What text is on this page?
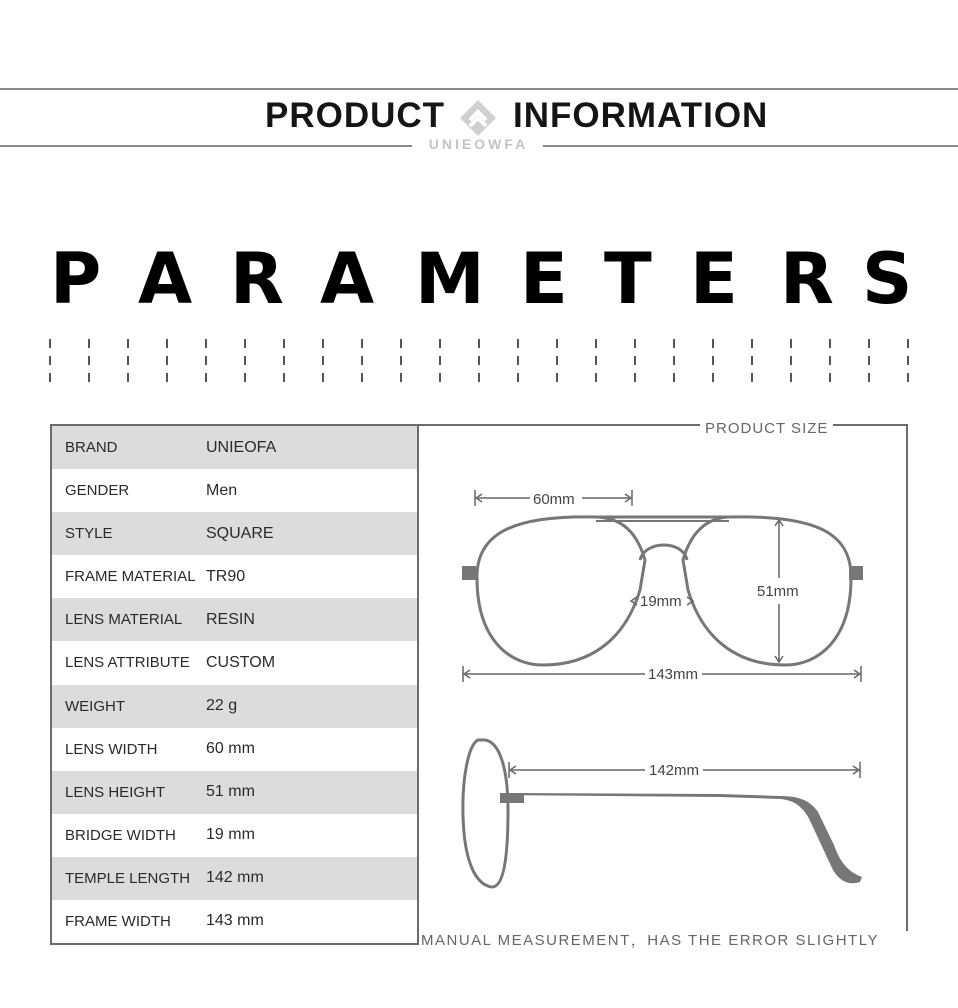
PRODUCT INFORMATION
UNIEOWFA
P A R A M E T E R S
BRAND	UNIEOFA
GENDER	Men
STYLE	SQUARE
FRAME MATERIAL TR90
LENS MATERIAL RESIN
LENS ATTRIBUTE CUSTOM
WEIGHT	22 g
LENS WIDTH	60 mm
LENS HEIGHT	51 mm
BRIDGE WIDTH 19 mm
TEMPLE LENGTH 142 mm
FRAME WIDTH 143 mm
PRODUCT SIZE
60mm
19mm
51mm
143mm
142mm
MANUAL MEASUREMENT，HAS THE ERROR SLIGHTLY
